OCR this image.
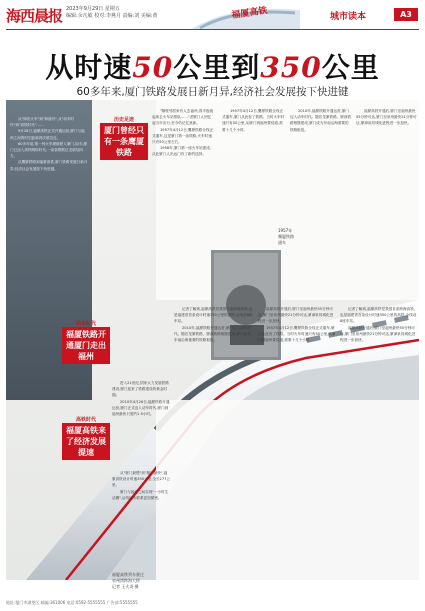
海西晨报 2023年9月29日 星期五
编辑:余凡敏 校对:李燕月 责编:刘 美编:黄	福厦高铁	城市读本	A3
从时速50公里到350公里
60多年来,厦门铁路发展日新月异,经济社会发展按下快进键

从"绿皮火车"到"和谐号",从"动车时代"到"高铁时代"……

9月28日,福厦高铁正式开通运营,厦门与福州之间的时空距离再次被拉近。

60多年前,第一列火车缓缓驶入厦门,如今,厦门已迈入高铁网络时代,一条条钢铁巨龙联结四方。

从鹰厦铁路到福厦高铁,厦门铁路发展日新月异,经济社会发展按下快进键。

历史足迹
厦门曾经只有一条鹰厦铁路

"隔壁邻居家有人去福州,得半夜就起床去火车站排队……"老厦门人回忆起当年出行,至今仍记忆犹新。

1957年4月12日,鹰厦铁路全线正式通车,这是厦门第一条铁路,火车时速只有50公里左右。

1958年,厦门第一座火车站建成,从此厦门人出远门有了新的选择。

1957年4月12日,鹰厦铁路全线正式通车,厦门从此有了铁路。当时火车时速只有50公里,从厦门到福州要绕道,需要十几个小时。

2010年,福厦铁路开通运营,厦门迈入动车时代。随后龙厦铁路、厦深铁路相继建成,厦门成为东南沿海重要的铁路枢纽。

福厦高铁开通后,厦门至福州最快55分钟可达,厦门至泉州最快21分钟可达,厦漳泉同城化进程进一步加快。

1957年
鹰厦铁路
通车
动车时代
福厦铁路开通厦门走出福州

进入21世纪,国家大力发展铁路建设,厦门迎来了铁路建设的黄金时期。

2010年4月26日,福厦铁路开通运营,厦门正式迈入动车时代,厦门到福州最快只需约1.5小时。

高铁时代
福厦高铁来了经济发展提速

从"厦门最慢"到"厦门最快",福厦高铁设计时速350公里,全长277公里。

厦门与福州之间实现"一小时生活圈",沿线城市联系更加紧密。

记者了解到,福厦高铁是我国首条跨海高铁,也是福建省首条设计时速350公里的高铁,全线设8座车站。

2010年,福厦铁路开通运营,厦门迈入动车时代。随后龙厦铁路、厦深铁路相继建成,厦门成为东南沿海重要的铁路枢纽。

福厦高铁开通后,厦门至福州最快55分钟可达,厦门至泉州最快21分钟可达,厦漳泉同城化进程进一步加快。

1957年4月12日,鹰厦铁路全线正式通车,厦门从此有了铁路。当时火车时速只有50公里,从厦门到福州要绕道,需要十几个小时。

记者了解到,福厦高铁是我国首条跨海高铁,也是福建省首条设计时速350公里的高铁,全线设8座车站。

福厦高铁开通后,厦门至福州最快55分钟可达,厦门至泉州最快21分钟可达,厦漳泉同城化进程进一步加快。

福厦高铁列车驶过
泉州湾跨海大桥
记者 王火炎 摄
地址:厦门市湖里区 邮编:361006 电话:0592-5555555 广告部:5555555
